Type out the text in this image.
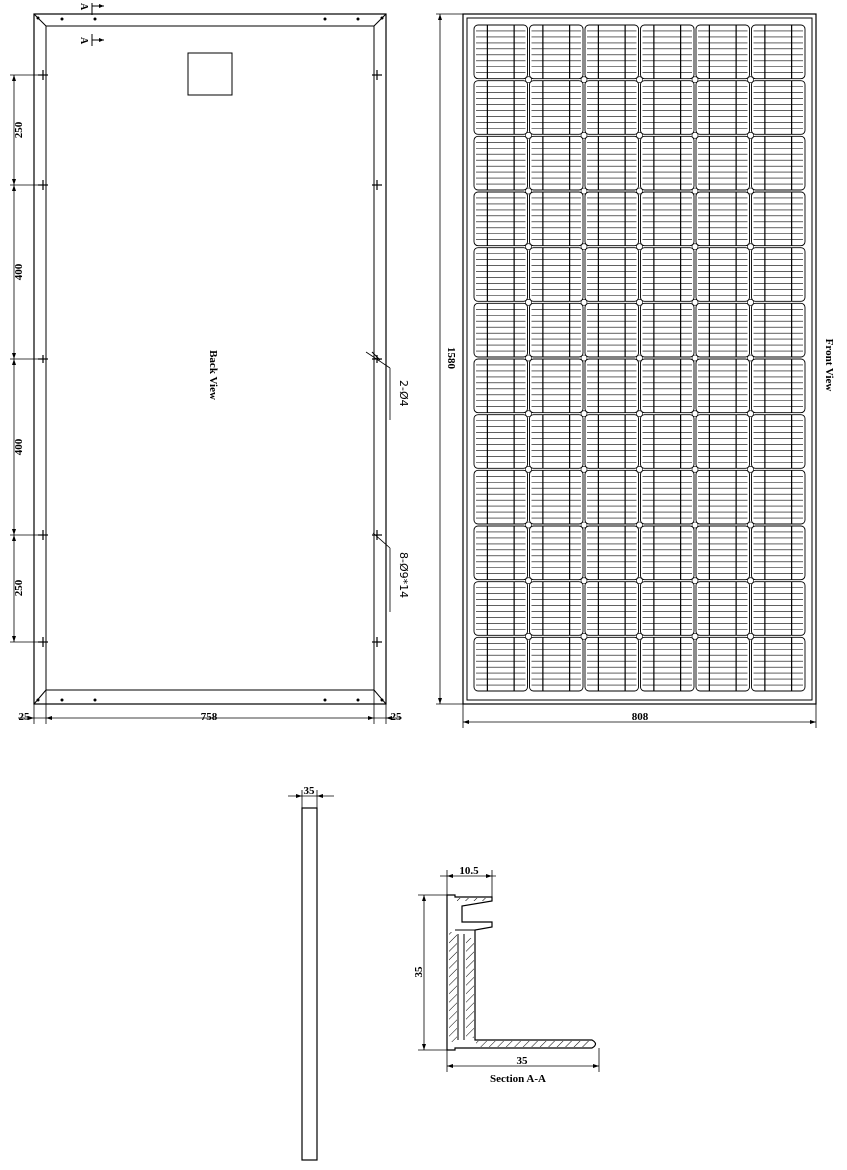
A
A
Back View
250
400
400
250
2-Ø4
8-Ø9*14
758
25	25
1580
808
Front View
35
10.5
35
35
Section A-A
